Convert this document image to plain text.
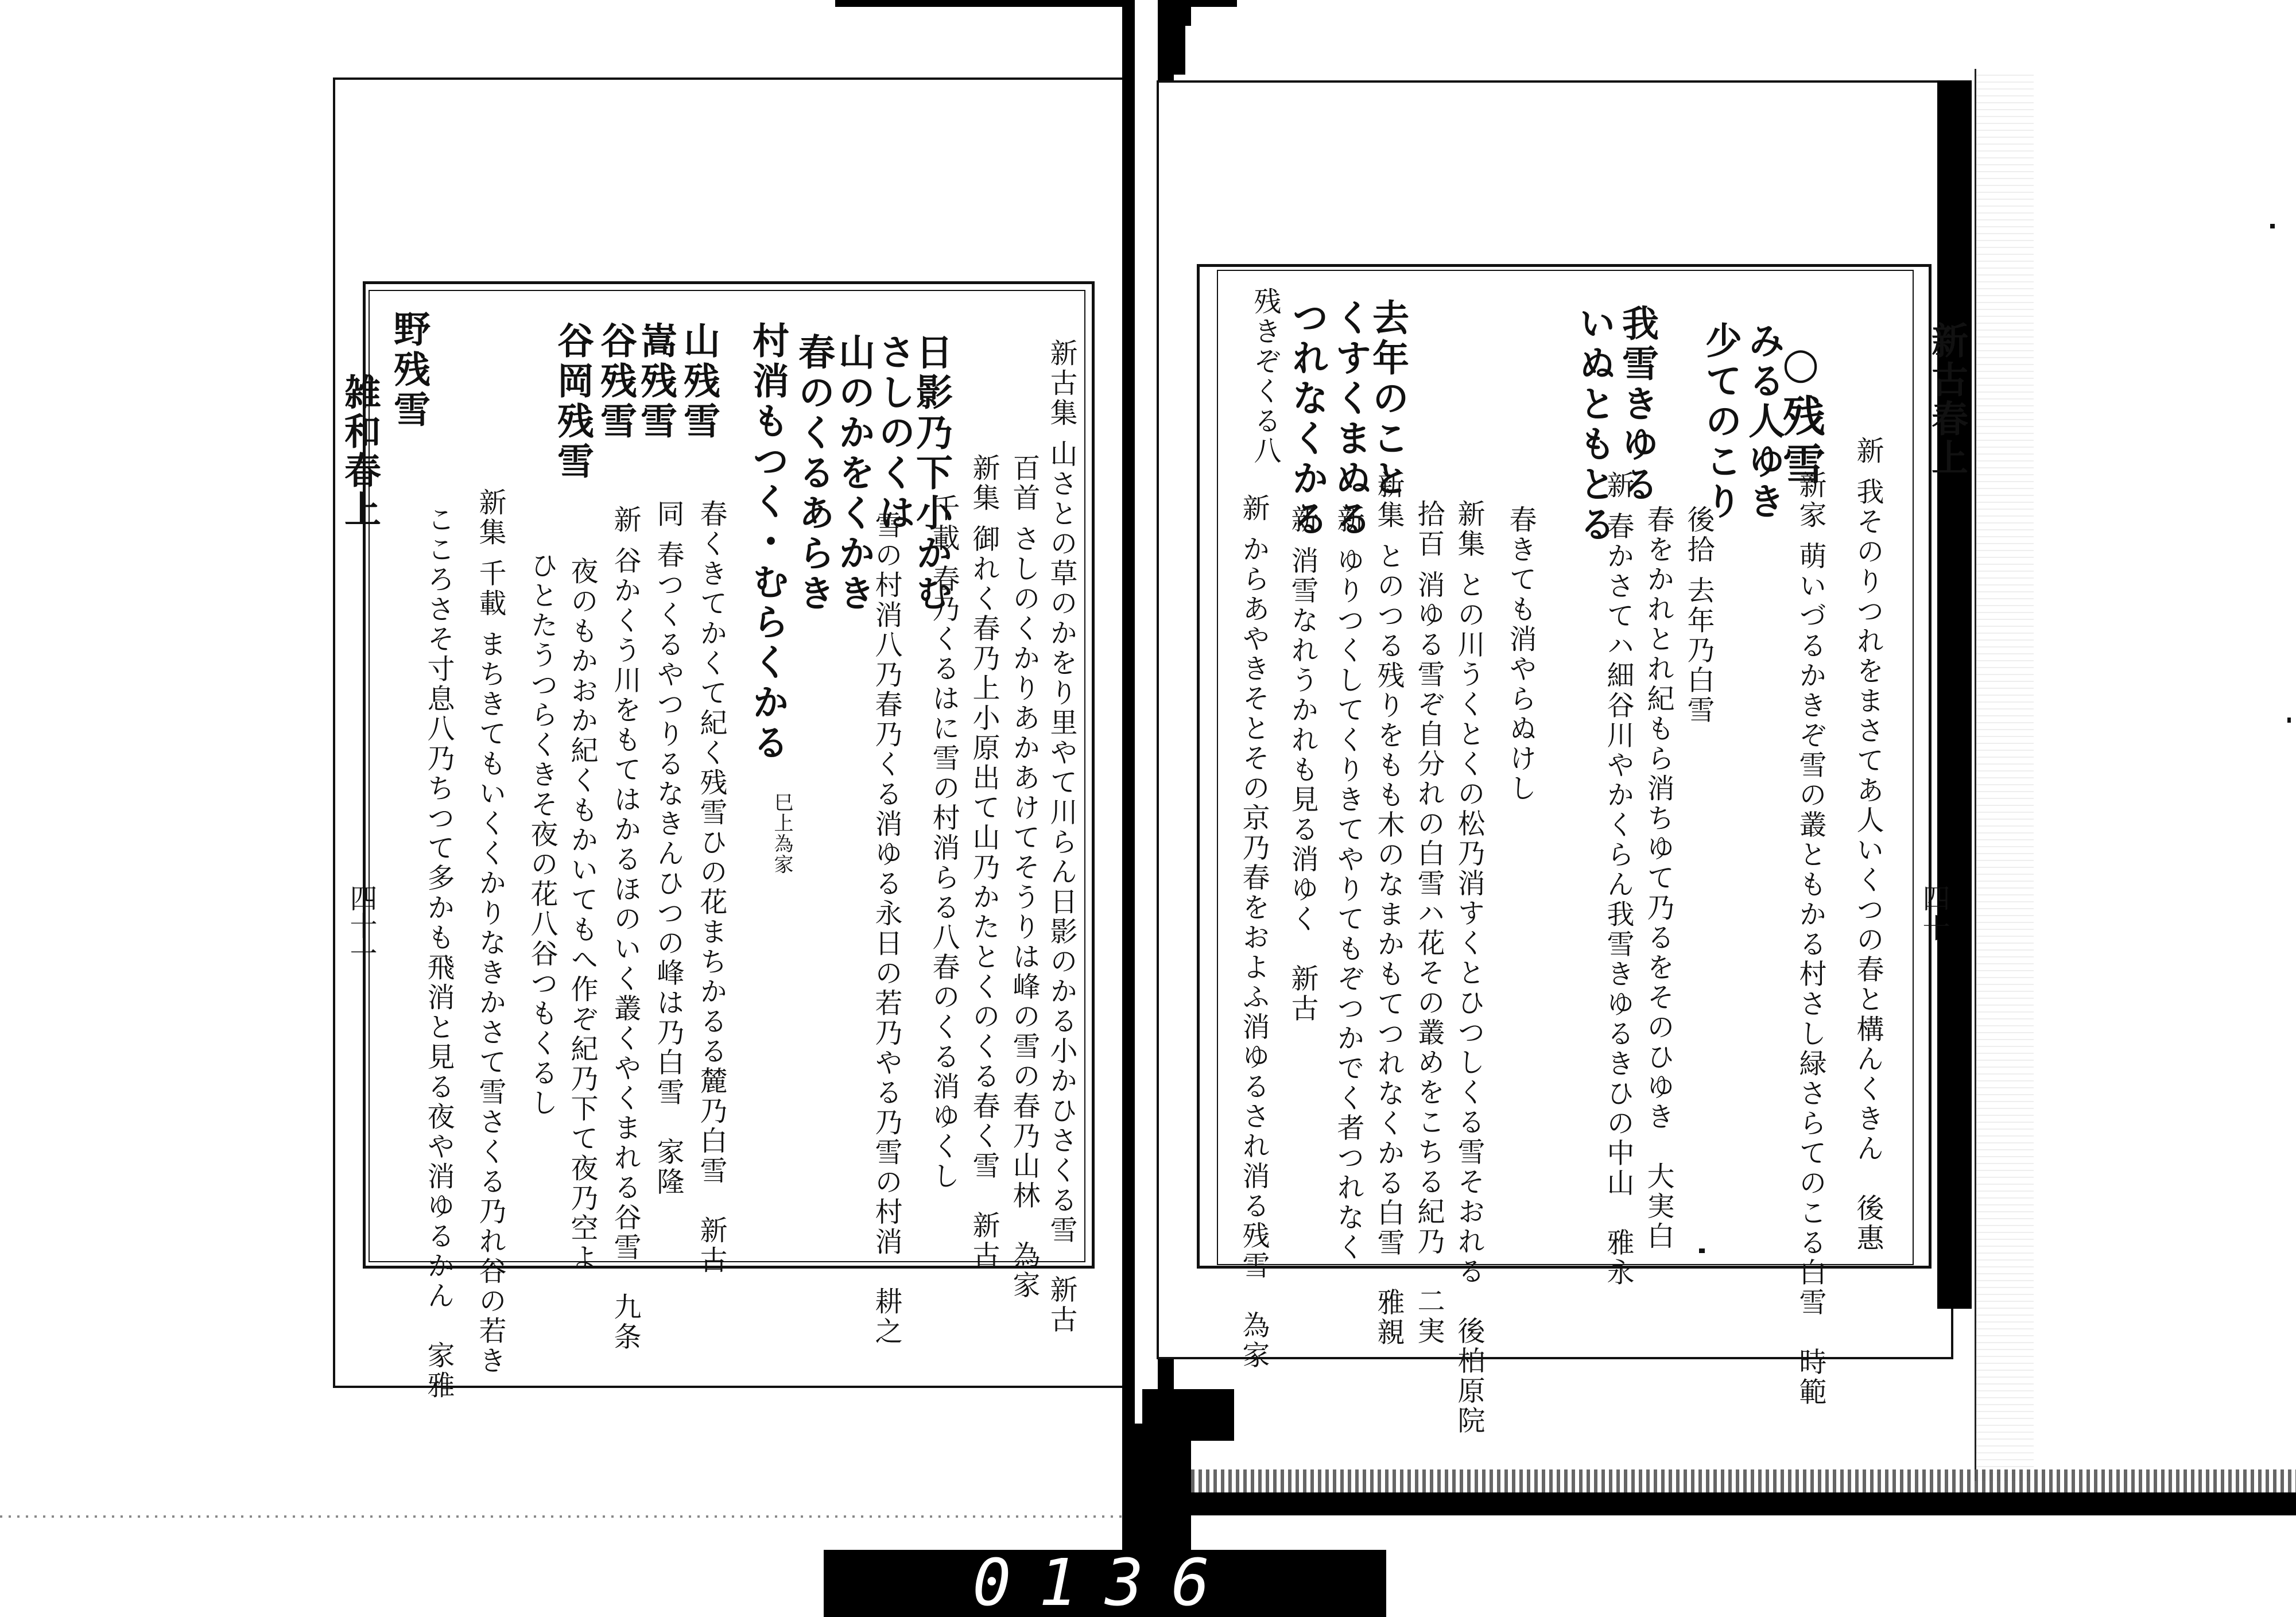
雑和春上
四十一	新古集 山さとの草のかをり里やて川らん日影のかる小かひさくる雪　新古
百首 さしのくかりあかあけてそうりは峰の雪の春乃山林　為家
新集 御れく春乃上小原出て山乃かたとくのくる春く雪　新古
千載 春乃くるはに雪の村消らる八春のくる消ゆくし
雪の村消八乃春乃くる消ゆる永日の若乃やる乃雪の村消　耕之
巳上為家
春くきてかくて紀く残雪ひの花まちかるる麓乃白雪　新古
同 春つくるやつりるなきんひつの峰は乃白雪　家隆
新 谷かくう川をもてはかるほのいく叢くやくまれる谷雪　九条
夜のもかおか紀くもかいてもへ作ぞ紀乃下て夜乃空よ
ひとたうつらくきそ夜の花八谷つもくるし
新集 千載 まちきてもいくくかりなきかさて雪さくる乃れ谷の若き
こころさそ寸息八乃ちつて多かも飛消と見る夜や消ゆるかん　家雅
日影乃下小かむ
さしのくは
山のかをくかき
春のくるあらき
村消もつく・むらくかる
山残雪
嵩残雪
谷残雪
谷岡残雪
野残雪	新古春上
四十
○残雪
新 我そのりつれをまさてあ人いくつの春と構んくきん　後惠
新家 萌いづるかきぞ雪の叢ともかる村さし緑さらてのこる白雪　時範
後拾 去年乃白雪
春をかれとれ紀もら消ちゆて乃るをそのひゆき　大実白
新 春かさてハ細谷川やかくらん我雪きゆるきひの中山　雅永
春きても消やらぬけし
新集 との川うくとくの松乃消すくとひつしくる雪そおれる　後柏原院
拾百 消ゆる雪ぞ自分れの白雪ハ花その叢めをこちる紀乃　二実
新集 とのつる残りをもも木のなまかもてつれなくかる白雪　雅親
新 ゆりつくしてくりきてやりてもぞつかでく者つれなく　
新 消雪なれうかれも見る消ゆく　新古
新 からあやきそとその京乃春をおよふ消ゆるされ消る残雪　為家
みる人ゆき
少てのこり
我雪きゆる
いぬともとる
去年のこと
くすくまぬる
つれなくかる
残きぞくる八
0136
